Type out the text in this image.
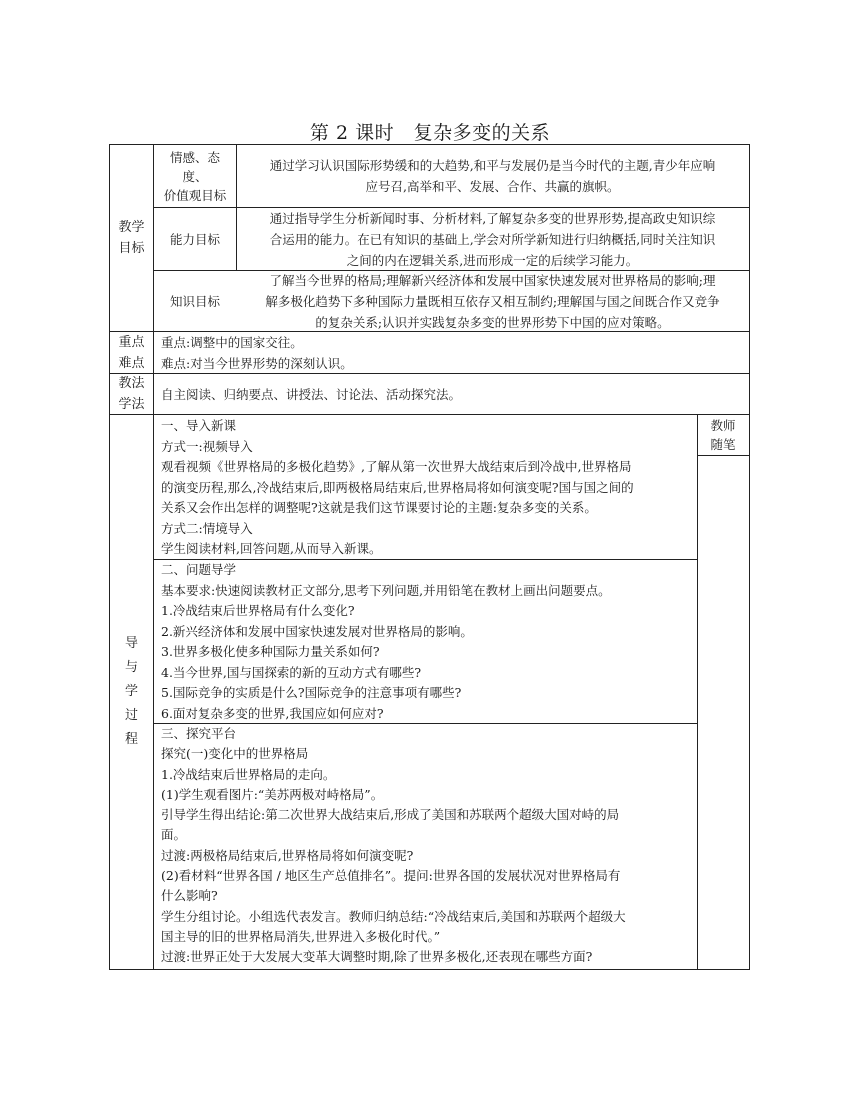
第 2 课时　复杂多变的关系
教学
目标
情感、态
度、
价值观目标
通过学习认识国际形势缓和的大趋势,和平与发展仍是当今时代的主题,青少年应响
应号召,高举和平、发展、合作、共赢的旗帜。
能力目标
通过指导学生分析新闻时事、分析材料,了解复杂多变的世界形势,提高政史知识综
合运用的能力。在已有知识的基础上,学会对所学新知进行归纳概括,同时关注知识
之间的内在逻辑关系,进而形成一定的后续学习能力。
知识目标
了解当今世界的格局;理解新兴经济体和发展中国家快速发展对世界格局的影响;理
解多极化趋势下多种国际力量既相互依存又相互制约;理解国与国之间既合作又竞争
的复杂关系;认识并实践复杂多变的世界形势下中国的应对策略。
重点
难点
重点:调整中的国家交往。
难点:对当今世界形势的深刻认识。
教法
学法
自主阅读、归纳要点、讲授法、讨论法、活动探究法。
导
与
学
过
程
教师
随笔
一、导入新课
方式一:视频导入
观看视频《世界格局的多极化趋势》,了解从第一次世界大战结束后到冷战中,世界格局
的演变历程,那么,冷战结束后,即两极格局结束后,世界格局将如何演变呢?国与国之间的
关系又会作出怎样的调整呢?这就是我们这节课要讨论的主题:复杂多变的关系。
方式二:情境导入
学生阅读材料,回答问题,从而导入新课。
二、问题导学
基本要求:快速阅读教材正文部分,思考下列问题,并用铅笔在教材上画出问题要点。
1.冷战结束后世界格局有什么变化?
2.新兴经济体和发展中国家快速发展对世界格局的影响。
3.世界多极化使多种国际力量关系如何?
4.当今世界,国与国探索的新的互动方式有哪些?
5.国际竞争的实质是什么?国际竞争的注意事项有哪些?
6.面对复杂多变的世界,我国应如何应对?
三、探究平台
探究(一)变化中的世界格局
1.冷战结束后世界格局的走向。
(1)学生观看图片:“美苏两极对峙格局”。
引导学生得出结论:第二次世界大战结束后,形成了美国和苏联两个超级大国对峙的局
面。
过渡:两极格局结束后,世界格局将如何演变呢?
(2)看材料“世界各国 / 地区生产总值排名”。提问:世界各国的发展状况对世界格局有
什么影响?
学生分组讨论。小组选代表发言。教师归纳总结:“冷战结束后,美国和苏联两个超级大
国主导的旧的世界格局消失,世界进入多极化时代。”
过渡:世界正处于大发展大变革大调整时期,除了世界多极化,还表现在哪些方面?
